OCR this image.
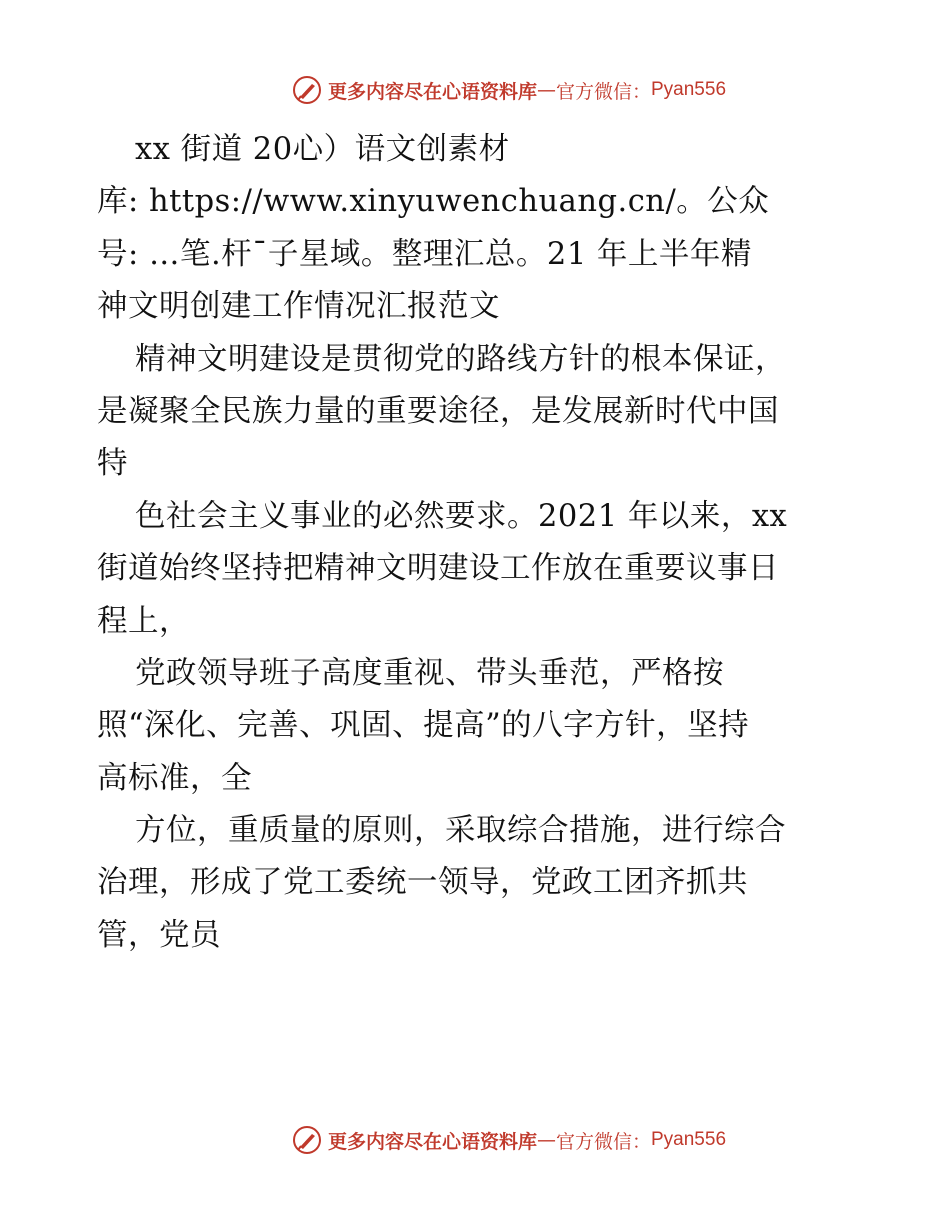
更多内容尽在心语资料库 — 官方微信： Pyan556
xx 街道 20心）语文创素材
库: https://www.xinyuwenchuang.cn/。公众
号: …笔.杆¯子星域。整理汇总。21 年上半年精
神文明创建工作情况汇报范文
精神文明建设是贯彻党的路线方针的根本保证，
是凝聚全民族力量的重要途径，是发展新时代中国
特
色社会主义事业的必然要求。2021 年以来，xx
街道始终坚持把精神文明建设工作放在重要议事日
程上，
党政领导班子高度重视、带头垂范，严格按
照“深化、完善、巩固、提高”的八字方针，坚持
高标准，全
方位，重质量的原则，采取综合措施，进行综合
治理，形成了党工委统一领导，党政工团齐抓共
管，党员
更多内容尽在心语资料库 — 官方微信： Pyan556
